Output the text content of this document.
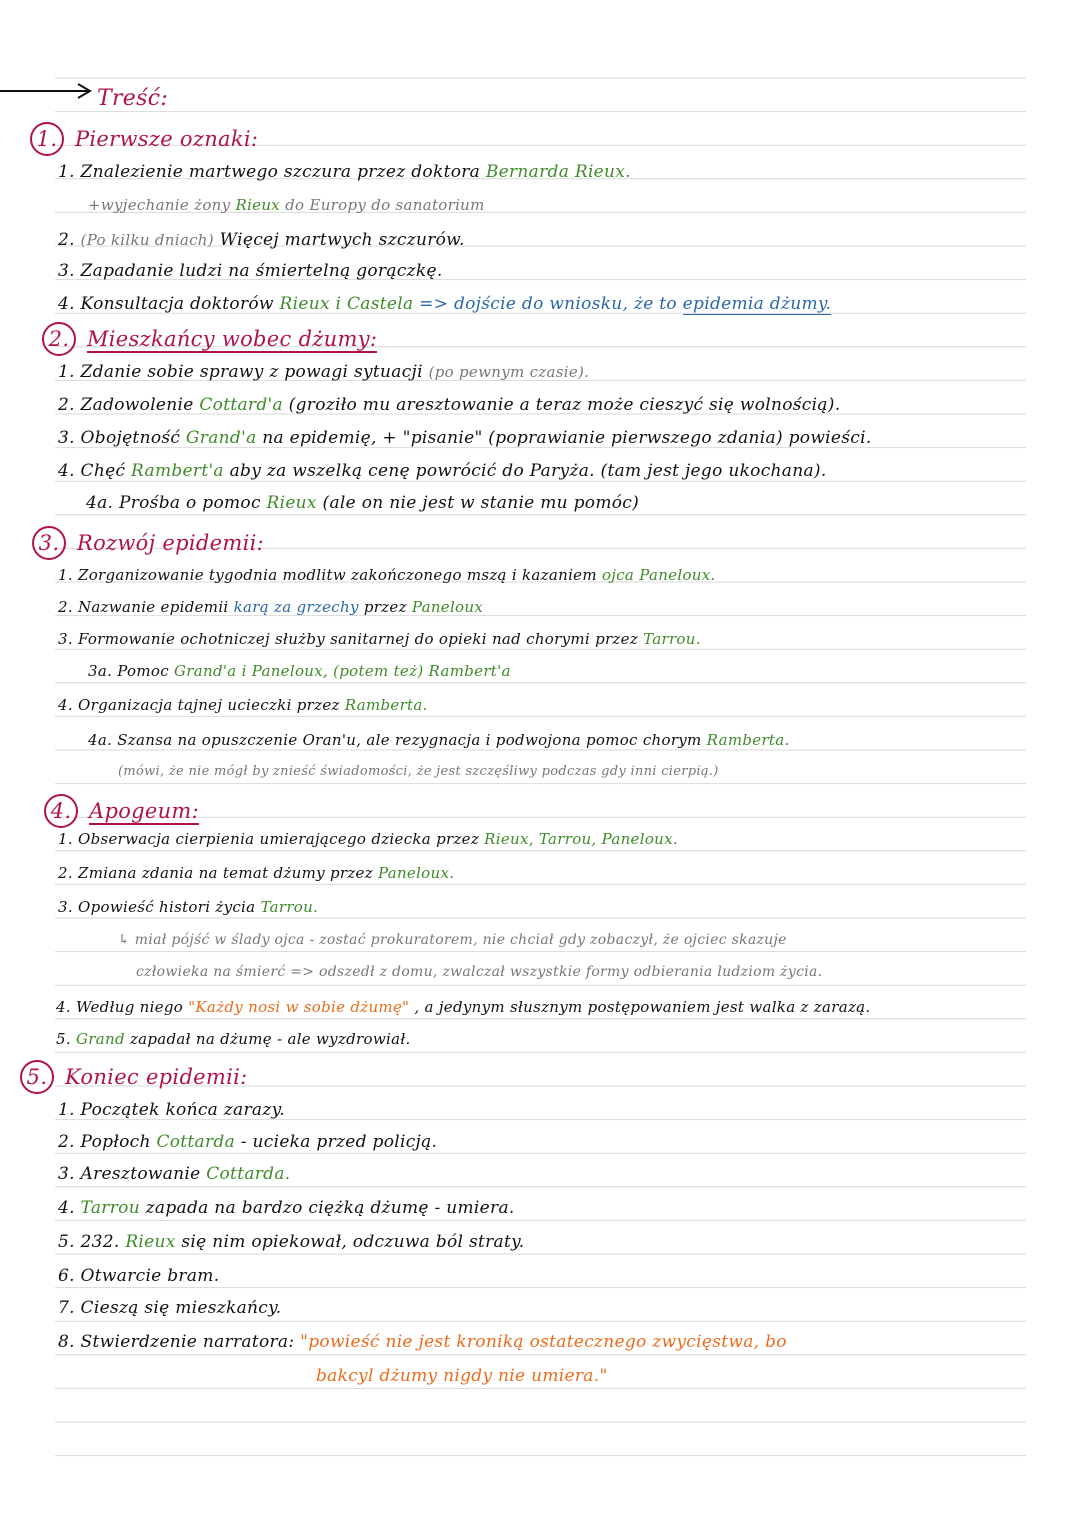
Treść:
1. Pierwsze oznaki:
1. Znalezienie martwego szczura przez doktora Bernarda Rieux.
+wyjechanie żony Rieux do Europy do sanatorium
2. (Po kilku dniach) Więcej martwych szczurów.
3. Zapadanie ludzi na śmiertelną gorączkę.
4. Konsultacja doktorów Rieux i Castela => dojście do wniosku, że to epidemia dżumy.
2. Mieszkańcy wobec dżumy:
1. Zdanie sobie sprawy z powagi sytuacji (po pewnym czasie).
2. Zadowolenie Cottard'a (groziło mu aresztowanie a teraz może cieszyć się wolnością).
3. Obojętność Grand'a na epidemię, + "pisanie" (poprawianie pierwszego zdania) powieści.
4. Chęć Rambert'a aby za wszelką cenę powrócić do Paryża. (tam jest jego ukochana).
4a. Prośba o pomoc Rieux (ale on nie jest w stanie mu pomóc)
3. Rozwój epidemii:
1. Zorganizowanie tygodnia modlitw zakończonego mszą i kazaniem ojca Paneloux.
2. Nazwanie epidemii karą za grzechy przez Paneloux
3. Formowanie ochotniczej służby sanitarnej do opieki nad chorymi przez Tarrou.
3a. Pomoc Grand'a i Paneloux, (potem też) Rambert'a
4. Organizacja tajnej ucieczki przez Ramberta.
4a. Szansa na opuszczenie Oran'u, ale rezygnacja i podwojona pomoc chorym Ramberta.
(mówi, że nie mógł by znieść świadomości, że jest szczęśliwy podczas gdy inni cierpią.)
4. Apogeum:
1. Obserwacja cierpienia umierającego dziecka przez Rieux, Tarrou, Paneloux.
2. Zmiana zdania na temat dżumy przez Paneloux.
3. Opowieść histori życia Tarrou.
↳ miał pójść w ślady ojca - zostać prokuratorem, nie chciał gdy zobaczył, że ojciec skazuje
człowieka na śmierć => odszedł z domu, zwalczał wszystkie formy odbierania ludziom życia.
4. Według niego "Każdy nosi w sobie dżumę" , a jedynym słusznym postępowaniem jest walka z zarazą.
5. Grand zapadał na dżumę - ale wyzdrowiał.
5. Koniec epidemii:
1. Początek końca zarazy.
2. Popłoch Cottarda - ucieka przed policją.
3. Aresztowanie Cottarda.
4. Tarrou zapada na bardzo ciężką dżumę - umiera.
5. 232. Rieux się nim opiekował, odczuwa ból straty.
6. Otwarcie bram.
7. Cieszą się mieszkańcy.
8. Stwierdzenie narratora: "powieść nie jest kroniką ostatecznego zwycięstwa, bo
bakcyl dżumy nigdy nie umiera."
